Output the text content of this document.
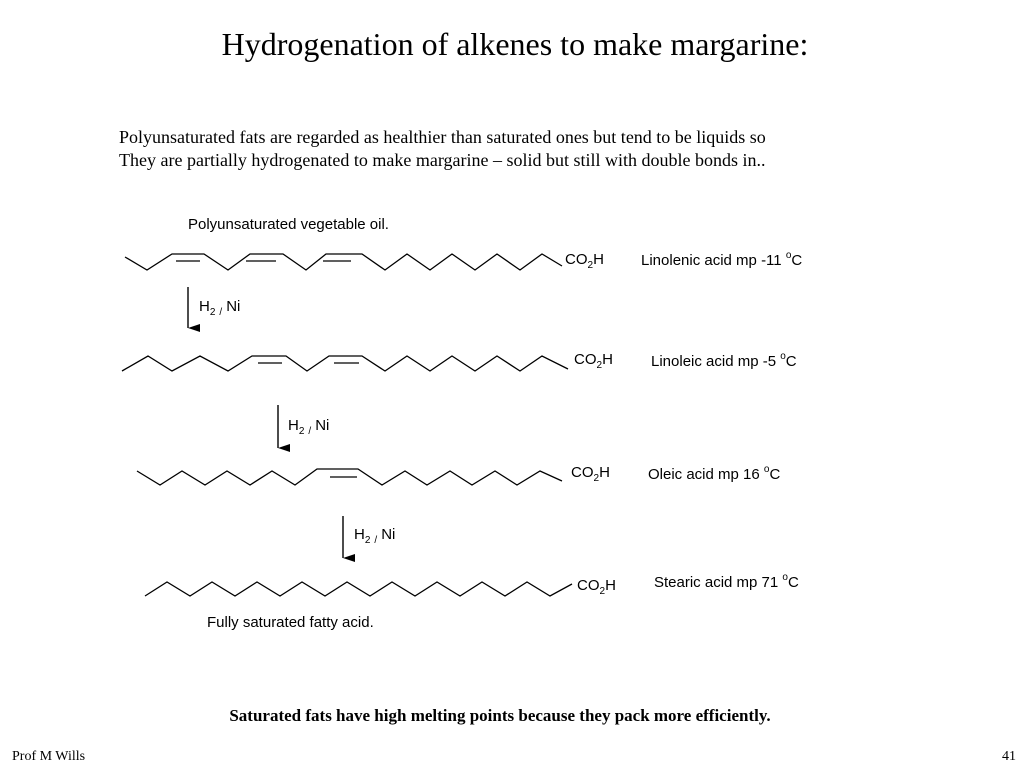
Hydrogenation of alkenes to make margarine:
Polyunsaturated fats are regarded as healthier than saturated ones but tend to be liquids so
They are partially hydrogenated to make margarine – solid but still with double bonds in..
Polyunsaturated vegetable oil.
$CO_2H$ Linolenic acid mp -11 $^o$C
$H_2$ / Ni
$CO_2H$	Linoleic acid mp -5 $^o$C
$H_2$ / Ni
$CO_2H$	Oleic acid mp 16 $^o$C
$H_2$ / Ni
$CO_2H$	Stearic acid mp 71 $^o$C
Fully saturated fatty acid.
Saturated fats have high melting points because they pack more efficiently.
Prof M Wills	41
